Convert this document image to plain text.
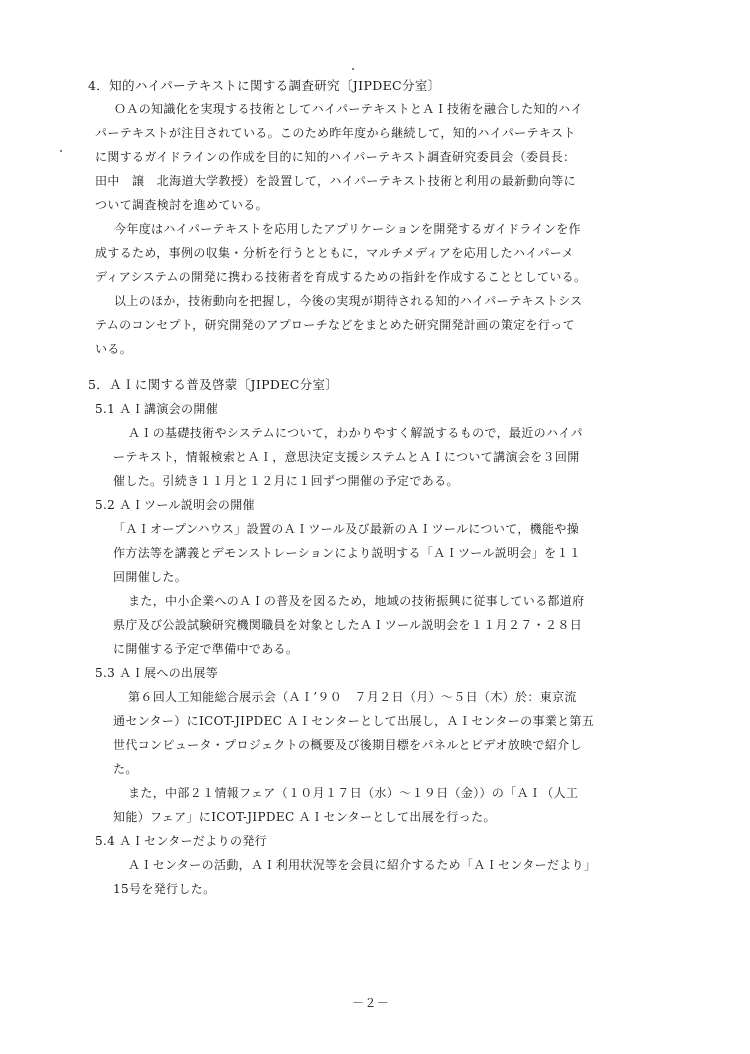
4．知的ハイパーテキストに関する調査研究〔JIPDEC分室〕
ＯＡの知識化を実現する技術としてハイパーテキストとＡＩ技術を融合した知的ハイ
パーテキストが注目されている。このため昨年度から継続して，知的ハイパーテキスト
に関するガイドラインの作成を目的に知的ハイパーテキスト調査研究委員会（委員長：
田中　譲　北海道大学教授）を設置して，ハイパーテキスト技術と利用の最新動向等に
ついて調査検討を進めている。
今年度はハイパーテキストを応用したアプリケーションを開発するガイドラインを作
成するため，事例の収集・分析を行うとともに，マルチメディアを応用したハイパーメ
ディアシステムの開発に携わる技術者を育成するための指針を作成することとしている。
以上のほか，技術動向を把握し，今後の実現が期待される知的ハイパーテキストシス
テムのコンセプト，研究開発のアプローチなどをまとめた研究開発計画の策定を行って
いる。
5．ＡＩに関する普及啓蒙〔JIPDEC分室〕
5.1 ＡＩ講演会の開催
ＡＩの基礎技術やシステムについて，わかりやすく解説するもので，最近のハイパ
ーテキスト，情報検索とＡＩ，意思決定支援システムとＡＩについて講演会を３回開
催した。引続き１１月と１２月に１回ずつ開催の予定である。
5.2 ＡＩツール説明会の開催
「ＡＩオープンハウス」設置のＡＩツール及び最新のＡＩツールについて，機能や操
作方法等を講義とデモンストレーションにより説明する「ＡＩツール説明会」を１１
回開催した。
また，中小企業へのＡＩの普及を図るため，地域の技術振興に従事している都道府
県庁及び公設試験研究機関職員を対象としたＡＩツール説明会を１１月２７・２８日
に開催する予定で準備中である。
5.3 ＡＩ展への出展等
第６回人工知能総合展示会（ＡＩ’９０　７月２日（月）～５日（木）於：東京流
通センター）にICOT-JIPDEC ＡＩセンターとして出展し，ＡＩセンターの事業と第五
世代コンピュータ・プロジェクトの概要及び後期目標をパネルとビデオ放映で紹介し
た。
また，中部２１情報フェア（１０月１７日（水）～１９日（金））の「ＡＩ（人工
知能）フェア」にICOT-JIPDEC ＡＩセンターとして出展を行った。
5.4 ＡＩセンターだよりの発行
ＡＩセンターの活動，ＡＩ利用状況等を会員に紹介するため「ＡＩセンターだより」
15号を発行した。
－２－
